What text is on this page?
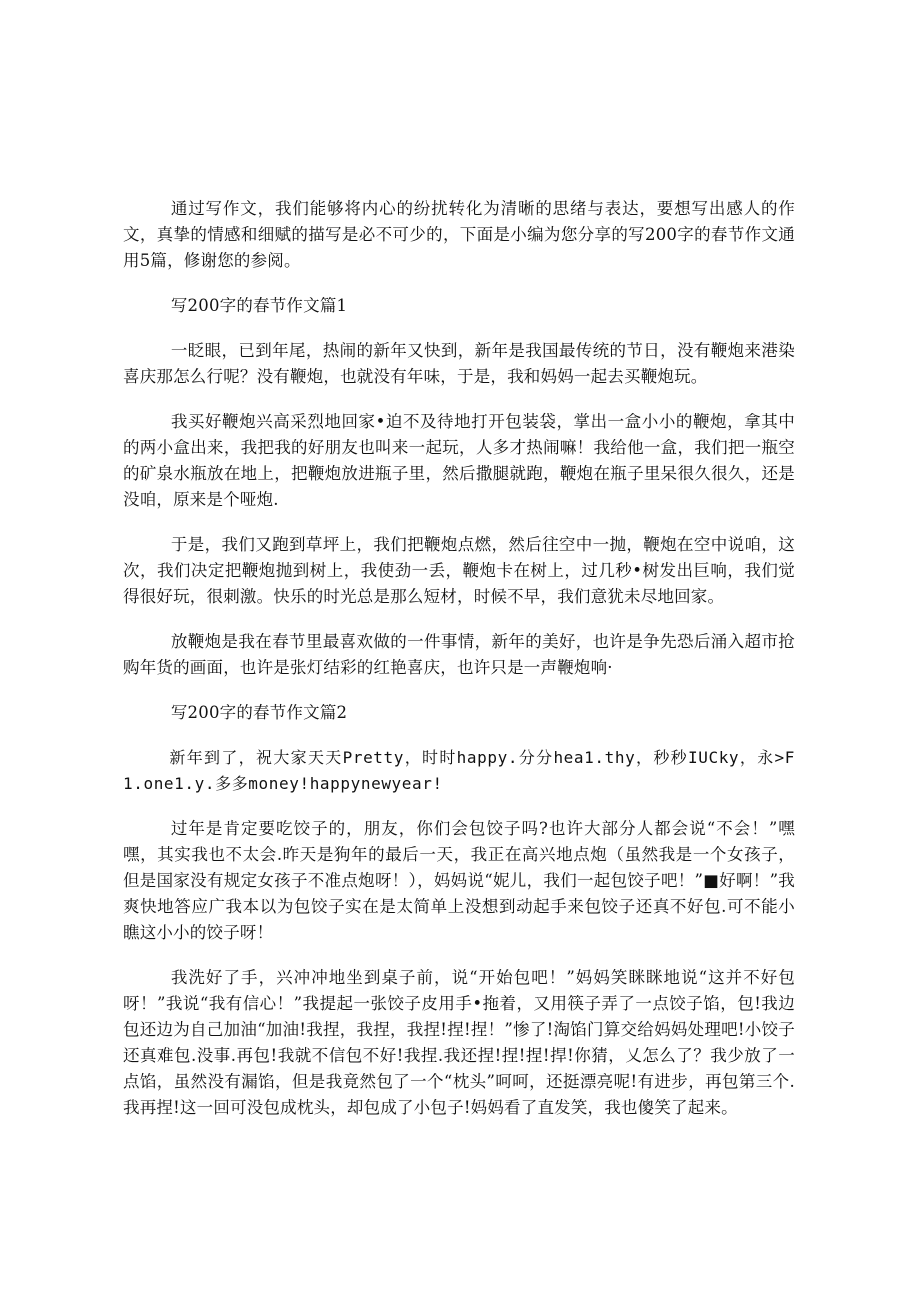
通过写作文，我们能够将内心的纷扰转化为清晰的思绪与表达，要想写出感人的作文，真挚的情感和细赋的描写是必不可少的，下面是小编为您分享的写200字的春节作文通用5篇，修谢您的参阅。

写200字的春节作文篇1

一眨眼，已到年尾，热闹的新年又快到，新年是我国最传统的节日，没有鞭炮来港染喜庆那怎么行呢？没有鞭炮，也就没有年味，于是，我和妈妈一起去买鞭炮玩。

我买好鞭炮兴高采烈地回家•迫不及待地打开包装袋，掌出一盒小小的鞭炮，拿其中的两小盒出来，我把我的好朋友也叫来一起玩，人多才热闹嘛！我给他一盒，我们把一瓶空的矿泉水瓶放在地上，把鞭炮放进瓶子里，然后撒腿就跑，鞭炮在瓶子里呆很久很久，还是没咱，原来是个哑炮.

于是，我们又跑到草坪上，我们把鞭炮点燃，然后往空中一抛，鞭炮在空中说咱，这次，我们决定把鞭炮抛到树上，我使劲一丢，鞭炮卡在树上，过几秒•树发出巨响，我们觉得很好玩，很刺激。快乐的时光总是那么短材，时候不早，我们意犹未尽地回家。

放鞭炮是我在春节里最喜欢做的一件事情，新年的美好，也许是争先恐后涌入超市抢购年货的画面，也许是张灯结彩的红艳喜庆，也许只是一声鞭炮响·

写200字的春节作文篇2

新年到了，祝大家天天Pretty，时时happy.分分hea1.thy，秒秒IUCky，永>F1.one1.y.多多money!happynewyear!

过年是肯定要吃饺子的，朋友，你们会包饺子吗?也许大部分人都会说“不会！”嘿嘿，其实我也不太会.昨天是狗年的最后一天，我正在高兴地点炮（虽然我是一个女孩子，但是国家没有规定女孩子不准点炮呀！），妈妈说“妮儿，我们一起包饺子吧！”■好啊！”我爽快地答应广我本以为包饺子实在是太简单上没想到动起手来包饺子还真不好包.可不能小瞧这小小的饺子呀！

我洗好了手，兴冲冲地坐到桌子前，说“开始包吧！”妈妈笑眯眯地说“这并不好包呀！”我说“我有信心！”我提起一张饺子皮用手•拖着，又用筷子弄了一点饺子馅，包!我边包还边为自己加油“加油!我捏，我捏，我捏!捏!捏！”惨了!淘馅门算交给妈妈处理吧!小饺子还真难包.没事.再包!我就不信包不好!我捏.我还捏!捏!捏!捍!你猜，乂怎么了？我少放了一点馅，虽然没有漏馅，但是我竟然包了一个“枕头”呵呵，还挺漂亮呢!有进步，再包第三个.我再捏!这一回可没包成枕头，却包成了小包子!妈妈看了直发笑，我也傻笑了起来。
